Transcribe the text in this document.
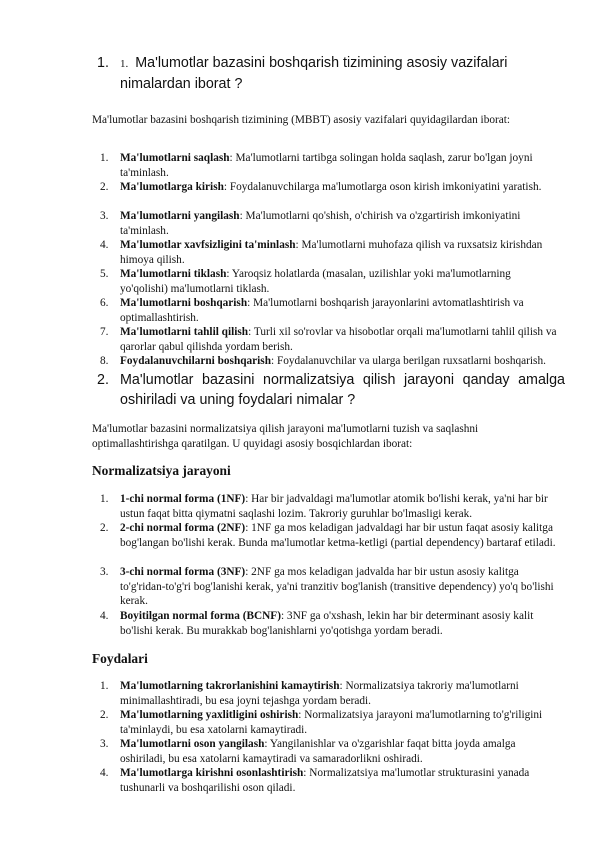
1. 1. Ma'lumotlar bazasini boshqarish tizimining asosiy vazifalari nimalardan iborat ?
Ma'lumotlar bazasini boshqarish tizimining (MBBT) asosiy vazifalari quyidagilardan iborat:
1. Ma'lumotlarni saqlash: Ma'lumotlarni tartibga solingan holda saqlash, zarur bo'lgan joyni ta'minlash.
2. Ma'lumotlarga kirish: Foydalanuvchilarga ma'lumotlarga oson kirish imkoniyatini yaratish.
3. Ma'lumotlarni yangilash: Ma'lumotlarni qo'shish, o'chirish va o'zgartirish imkoniyatini ta'minlash.
4. Ma'lumotlar xavfsizligini ta'minlash: Ma'lumotlarni muhofaza qilish va ruxsatsiz kirishdan himoya qilish.
5. Ma'lumotlarni tiklash: Yaroqsiz holatlarda (masalan, uzilishlar yoki ma'lumotlarning yo'qolishi) ma'lumotlarni tiklash.
6. Ma'lumotlarni boshqarish: Ma'lumotlarni boshqarish jarayonlarini avtomatlashtirish va optimallashtirish.
7. Ma'lumotlarni tahlil qilish: Turli xil so'rovlar va hisobotlar orqali ma'lumotlarni tahlil qilish va qarorlar qabul qilishda yordam berish.
8. Foydalanuvchilarni boshqarish: Foydalanuvchilar va ularga berilgan ruxsatlarni boshqarish.
2. Ma'lumotlar bazasini normalizatsiya qilish jarayoni qanday amalga oshiriladi va uning foydalari nimalar ?
Ma'lumotlar bazasini normalizatsiya qilish jarayoni ma'lumotlarni tuzish va saqlashni optimallashtirishga qaratilgan. U quyidagi asosiy bosqichlardan iborat:
Normalizatsiya jarayoni
1. 1-chi normal forma (1NF): Har bir jadvaldagi ma'lumotlar atomik bo'lishi kerak, ya'ni har bir ustun faqat bitta qiymatni saqlashi lozim. Takroriy guruhlar bo'lmasligi kerak.
2. 2-chi normal forma (2NF): 1NF ga mos keladigan jadvaldagi har bir ustun faqat asosiy kalitga bog'langan bo'lishi kerak. Bunda ma'lumotlar ketma-ketligi (partial dependency) bartaraf etiladi.
3. 3-chi normal forma (3NF): 2NF ga mos keladigan jadvalda har bir ustun asosiy kalitga to'g'ridan-to'g'ri bog'lanishi kerak, ya'ni tranzitiv bog'lanish (transitive dependency) yo'q bo'lishi kerak.
4. Boyitilgan normal forma (BCNF): 3NF ga o'xshash, lekin har bir determinant asosiy kalit bo'lishi kerak. Bu murakkab bog'lanishlarni yo'qotishga yordam beradi.
Foydalari
1. Ma'lumotlarning takrorlanishini kamaytirish: Normalizatsiya takroriy ma'lumotlarni minimallashtiradi, bu esa joyni tejashga yordam beradi.
2. Ma'lumotlarning yaxlitligini oshirish: Normalizatsiya jarayoni ma'lumotlarning to'g'riligini ta'minlaydi, bu esa xatolarni kamaytiradi.
3. Ma'lumotlarni oson yangilash: Yangilanishlar va o'zgarishlar faqat bitta joyda amalga oshiriladi, bu esa xatolarni kamaytiradi va samaradorlikni oshiradi.
4. Ma'lumotlarga kirishni osonlashtirish: Normalizatsiya ma'lumotlar strukturasini yanada tushunarli va boshqarilishi oson qiladi.
